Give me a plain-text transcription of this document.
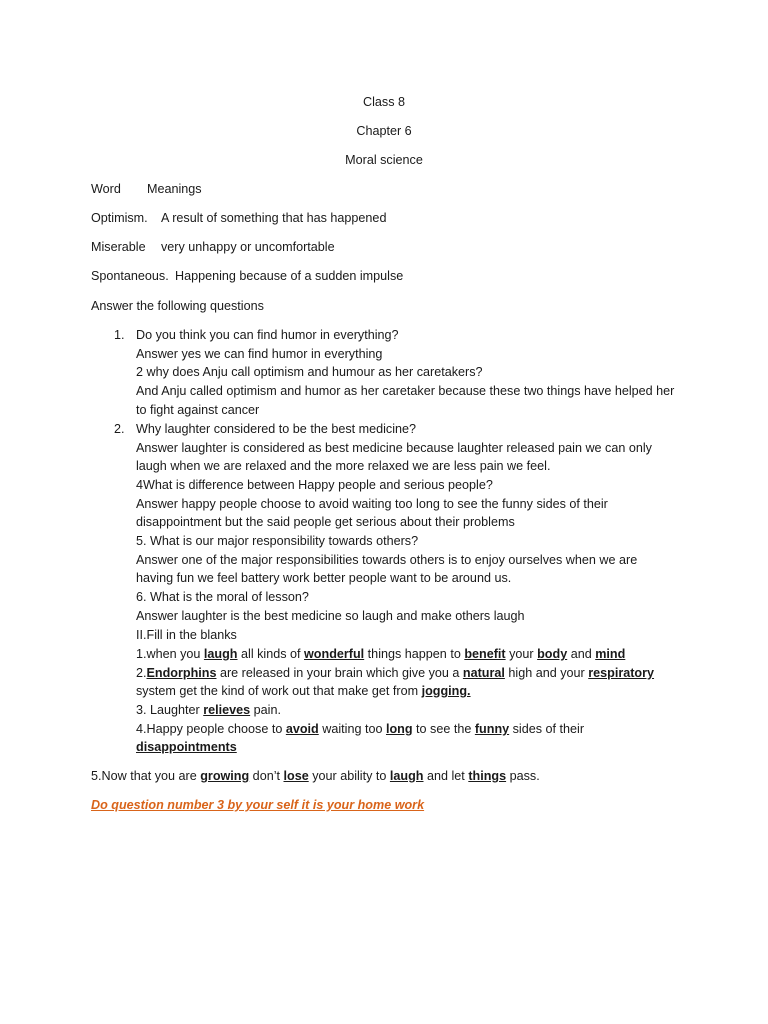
Class 8
Chapter 6
Moral science
Word Meanings
Optimism. A result of something that has happened
Miserable very unhappy or uncomfortable
Spontaneous. Happening because of a sudden impulse
Answer the following questions
1. Do you think you can find humor in everything?
Answer yes we can find humor in everything
2 why does Anju call optimism and humour as her caretakers?
And Anju called optimism and humor as her caretaker because these two things have helped her
to fight against cancer
2. Why laughter considered to be the best medicine?
Answer laughter is considered as best medicine because laughter released pain we can only
laugh when we are relaxed and the more relaxed we are less pain we feel.
4What is difference between Happy people and serious people?
Answer happy people choose to avoid waiting too long to see the funny sides of their
disappointment but the said people get serious about their problems
5. What is our major responsibility towards others?
Answer one of the major responsibilities towards others is to enjoy ourselves when we are
having fun we feel battery work better people want to be around us.
6. What is the moral of lesson?
Answer laughter is the best medicine so laugh and make others laugh
II.Fill in the blanks
1.when you laugh all kinds of wonderful things happen to benefit your body and mind
2.Endorphins are released in your brain which give you a natural high and your respiratory
system get the kind of work out that make get from jogging.
3. Laughter relieves pain.
4.Happy people choose to avoid waiting too long to see the funny sides of their
disappointments
5.Now that you are growing don’t lose your ability to laugh and let things pass.
Do question number 3 by your self it is your home work
